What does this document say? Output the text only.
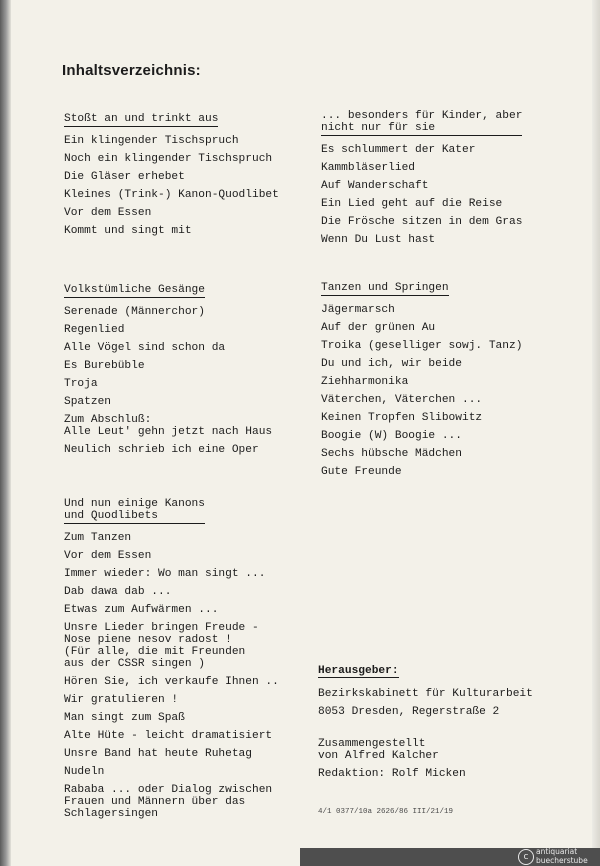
Inhaltsverzeichnis:
Stoßt an und trinkt aus
Ein klingender Tischspruch
Noch ein klingender Tischspruch
Die Gläser erhebet
Kleines (Trink-) Kanon-Quodlibet
Vor dem Essen
Kommt und singt mit
Volkstümliche Gesänge
Serenade (Männerchor)
Regenlied
Alle Vögel sind schon da
Es Burebüble
Troja
Spatzen
Zum Abschluß:
Alle Leut' gehn jetzt nach Haus
Neulich schrieb ich eine Oper
Und nun einige Kanons
und Quodlibets
Zum Tanzen
Vor dem Essen
Immer wieder: Wo man singt ...
Dab dawa dab ...
Etwas zum Aufwärmen ...
Unsre Lieder bringen Freude -
Nose piene nesov radost !
(Für alle, die mit Freunden
aus der CSSR singen )
Hören Sie, ich verkaufe Ihnen ..
Wir gratulieren !
Man singt zum Spaß
Alte Hüte - leicht dramatisiert
Unsre Band hat heute Ruhetag
Nudeln
Rababa ... oder Dialog zwischen
Frauen und Männern über das
Schlagersingen
... besonders für Kinder, aber
nicht nur für sie
Es schlummert der Kater
Kammbläserlied
Auf Wanderschaft
Ein Lied geht auf die Reise
Die Frösche sitzen in dem Gras
Wenn Du Lust hast
Tanzen und Springen
Jägermarsch
Auf der grünen Au
Troika (geselliger sowj. Tanz)
Du und ich, wir beide
Ziehharmonika
Väterchen, Väterchen ...
Keinen Tropfen Slibowitz
Boogie (W) Boogie ...
Sechs hübsche Mädchen
Gute Freunde
Herausgeber:
Bezirkskabinett für Kulturarbeit
8053 Dresden, Regerstraße 2
Zusammengestellt
von Alfred Kalcher
Redaktion: Rolf Micken
4/1 0377/10a 2626/86 III/21/19
c
antiquariat
buecherstube
